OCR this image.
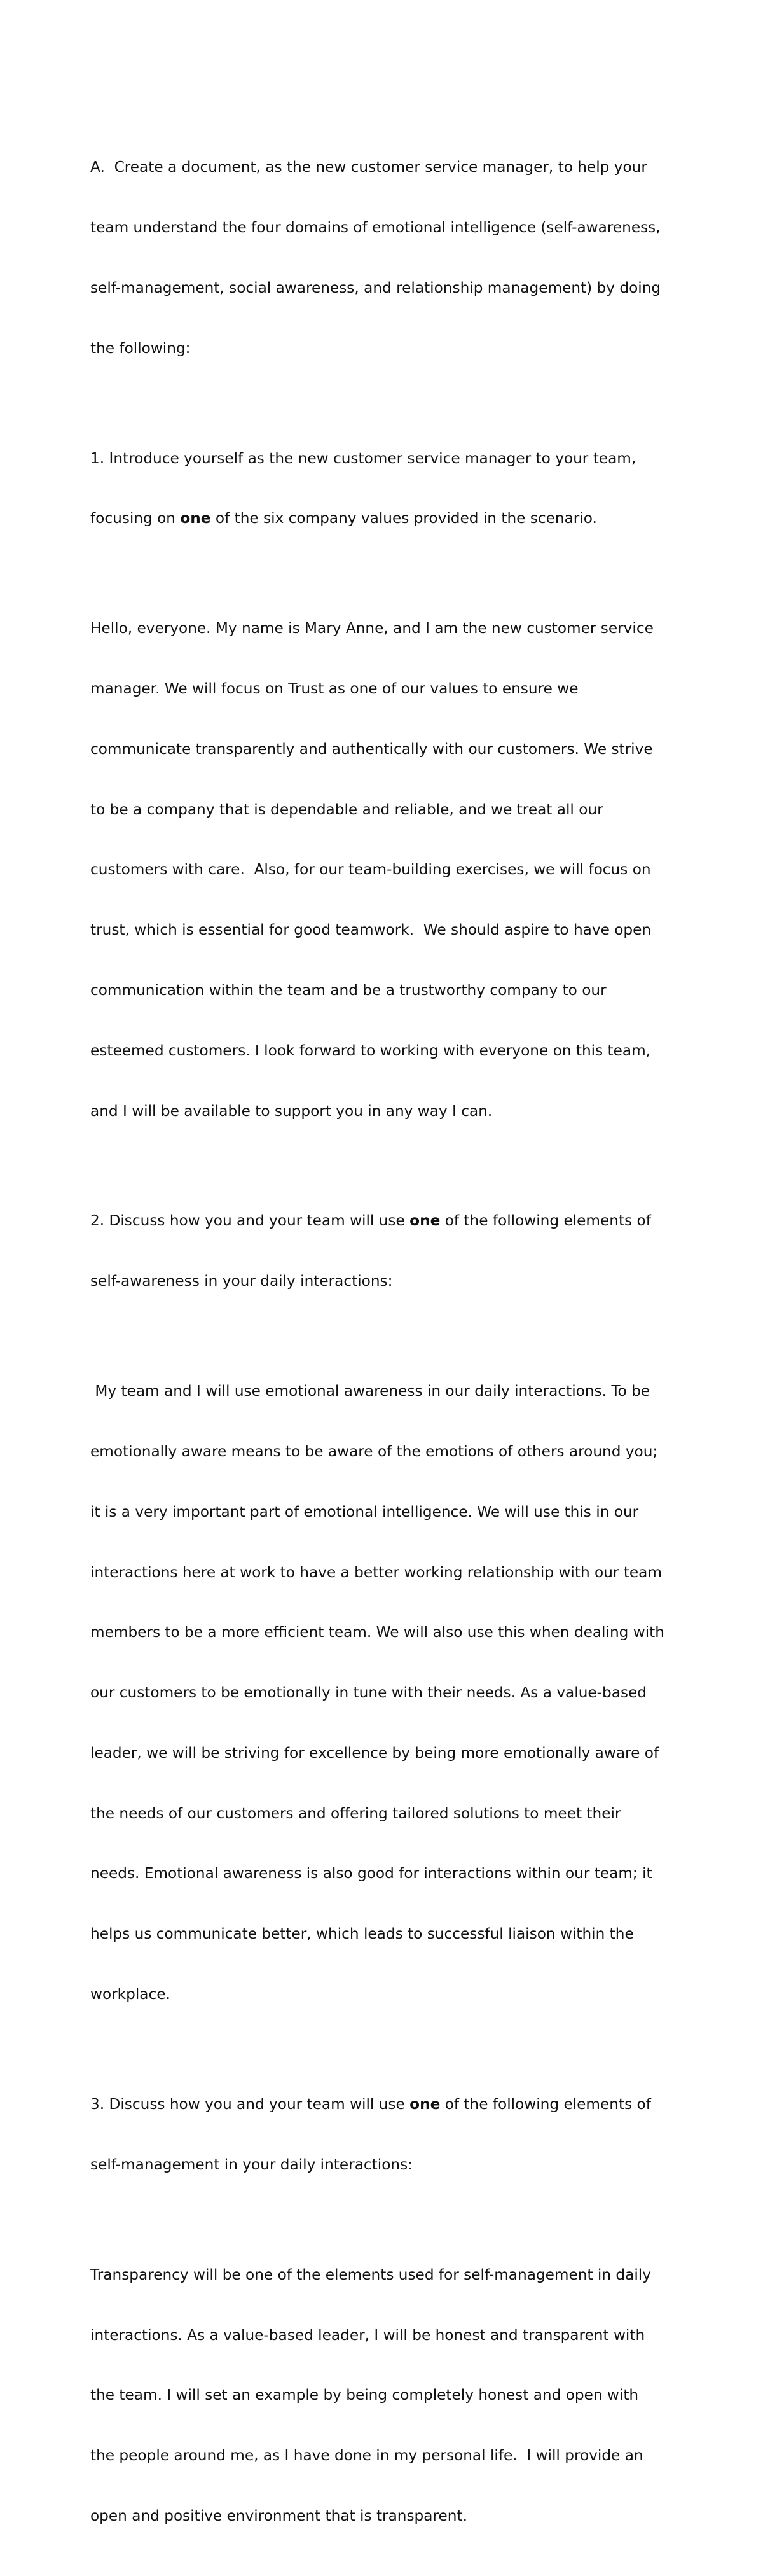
A.  Create a document, as the new customer service manager, to help your

team understand the four domains of emotional intelligence (self-awareness,

self-management, social awareness, and relationship management) by doing

the following:

1. Introduce yourself as the new customer service manager to your team,

focusing on one of the six company values provided in the scenario.

Hello, everyone. My name is Mary Anne, and I am the new customer service

manager. We will focus on Trust as one of our values to ensure we

communicate transparently and authentically with our customers. We strive

to be a company that is dependable and reliable, and we treat all our

customers with care.  Also, for our team-building exercises, we will focus on

trust, which is essential for good teamwork.  We should aspire to have open

communication within the team and be a trustworthy company to our

esteemed customers. I look forward to working with everyone on this team,

and I will be available to support you in any way I can.

2. Discuss how you and your team will use one of the following elements of

self-awareness in your daily interactions:

My team and I will use emotional awareness in our daily interactions. To be

emotionally aware means to be aware of the emotions of others around you;

it is a very important part of emotional intelligence. We will use this in our

interactions here at work to have a better working relationship with our team

members to be a more efficient team. We will also use this when dealing with

our customers to be emotionally in tune with their needs. As a value-based

leader, we will be striving for excellence by being more emotionally aware of

the needs of our customers and offering tailored solutions to meet their

needs. Emotional awareness is also good for interactions within our team; it

helps us communicate better, which leads to successful liaison within the

workplace.

3. Discuss how you and your team will use one of the following elements of

self-management in your daily interactions:

Transparency will be one of the elements used for self-management in daily

interactions. As a value-based leader, I will be honest and transparent with

the team. I will set an example by being completely honest and open with

the people around me, as I have done in my personal life.  I will provide an

open and positive environment that is transparent.
